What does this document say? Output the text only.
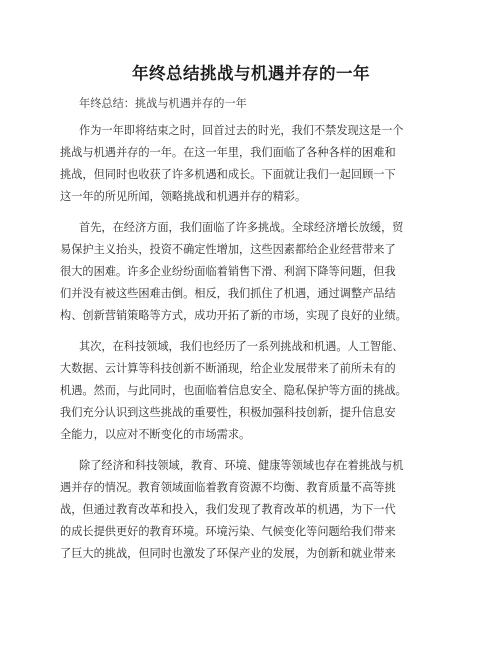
年终总结挑战与机遇并存的一年
年终总结：挑战与机遇并存的一年
作为一年即将结束之时，回首过去的时光，我们不禁发现这是一个
挑战与机遇并存的一年。在这一年里，我们面临了各种各样的困难和
挑战，但同时也收获了许多机遇和成长。下面就让我们一起回顾一下
这一年的所见所闻，领略挑战和机遇并存的精彩。
首先，在经济方面，我们面临了许多挑战。全球经济增长放缓，贸
易保护主义抬头，投资不确定性增加，这些因素都给企业经营带来了
很大的困难。许多企业纷纷面临着销售下滑、利润下降等问题，但我
们并没有被这些困难击倒。相反，我们抓住了机遇，通过调整产品结
构、创新营销策略等方式，成功开拓了新的市场，实现了良好的业绩。
其次，在科技领域，我们也经历了一系列挑战和机遇。人工智能、
大数据、云计算等科技创新不断涌现，给企业发展带来了前所未有的
机遇。然而，与此同时，也面临着信息安全、隐私保护等方面的挑战。
我们充分认识到这些挑战的重要性，积极加强科技创新，提升信息安
全能力，以应对不断变化的市场需求。
除了经济和科技领域，教育、环境、健康等领域也存在着挑战与机
遇并存的情况。教育领域面临着教育资源不均衡、教育质量不高等挑
战，但通过教育改革和投入，我们发现了教育改革的机遇，为下一代
的成长提供更好的教育环境。环境污染、气候变化等问题给我们带来
了巨大的挑战，但同时也激发了环保产业的发展，为创新和就业带来
